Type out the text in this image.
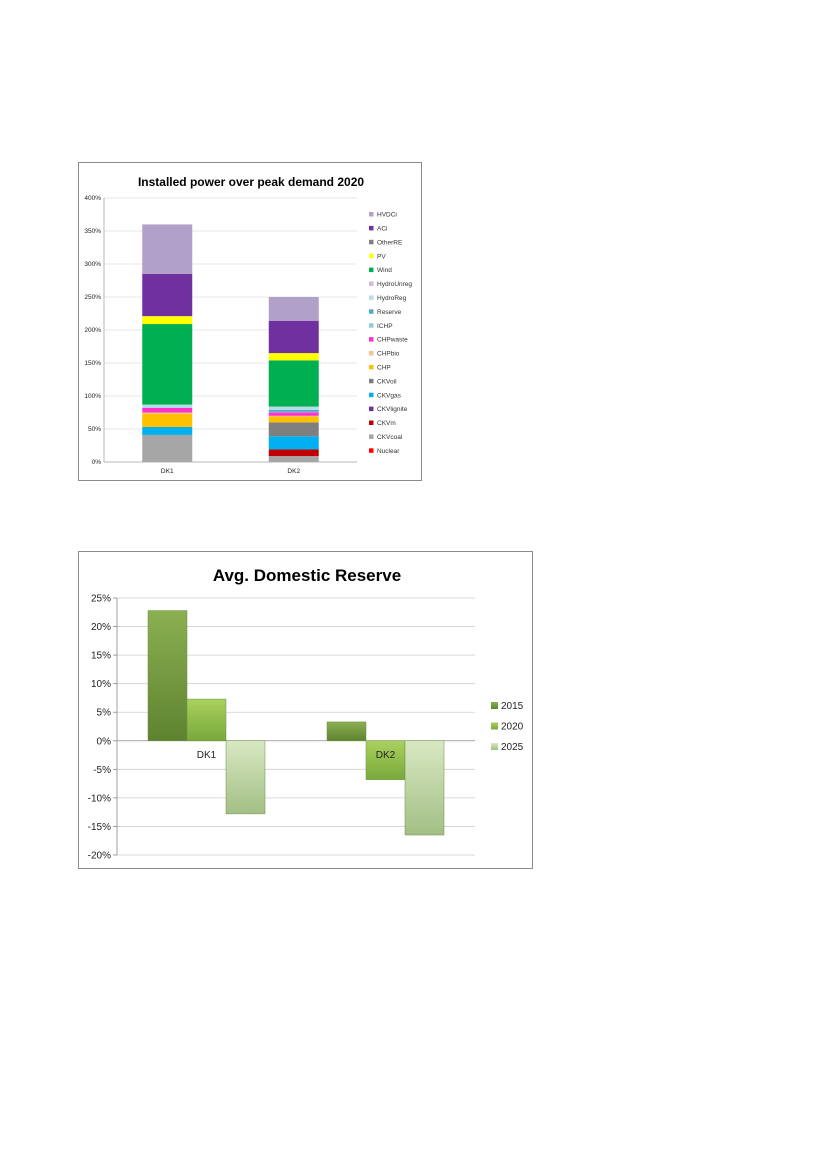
Installed power over peak demand 2020
0%
50%
100%
150%
200%
250%
300%
350%
400%
DK1	DK2
HVDCi
ACi
OtherRE
PV
Wind
HydroUnreg
HydroReg
Reserve
ICHP
CHPwaste
CHPbio
CHP
CKVoil
CKVgas
CKVlignite
CKVm
CKVcoal
Nuclear
Avg. Domestic Reserve
-20%
-15%
-10%
-5%
0%
5%
10%
15%
20%
25%
DK1	DK2
2015
2020
2025
